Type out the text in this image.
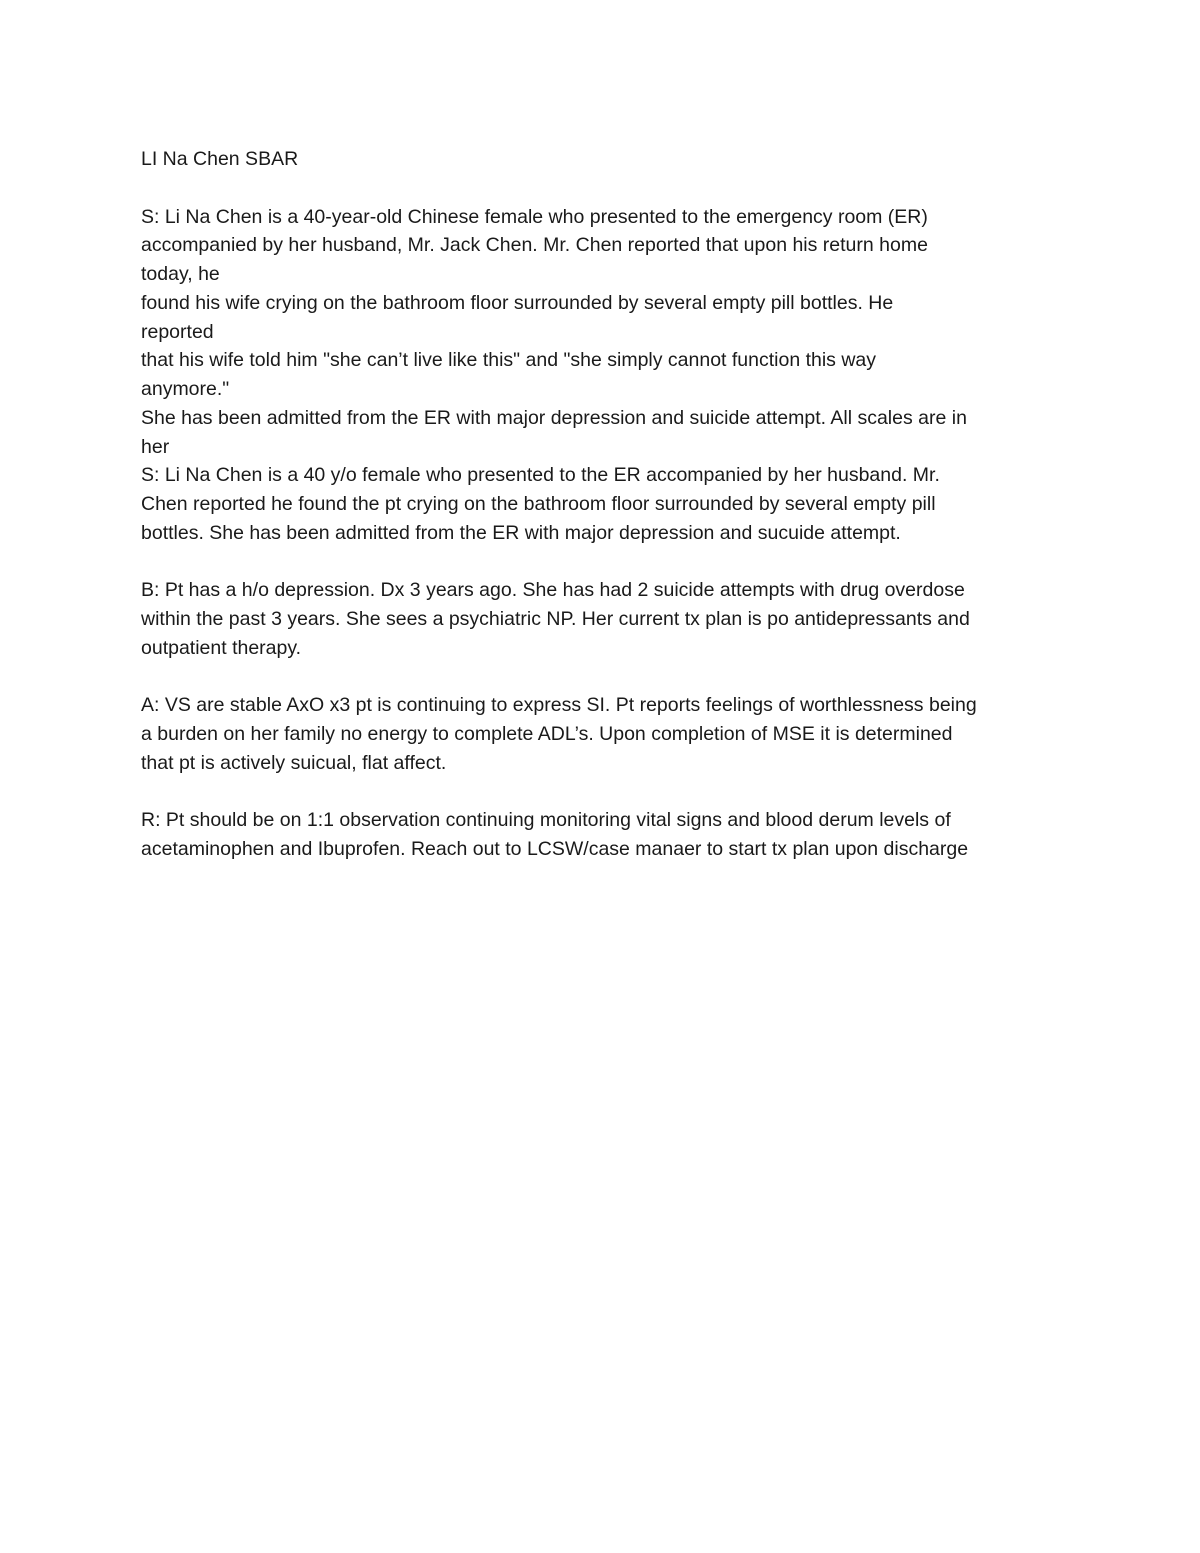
LI Na Chen SBAR
S: Li Na Chen is a 40-year-old Chinese female who presented to the emergency room (ER)
accompanied by her husband, Mr. Jack Chen. Mr. Chen reported that upon his return home
today, he
found his wife crying on the bathroom floor surrounded by several empty pill bottles. He
reported
that his wife told him "she can’t live like this" and "she simply cannot function this way
anymore."
She has been admitted from the ER with major depression and suicide attempt. All scales are in
her
S: Li Na Chen is a 40 y/o female who presented to the ER accompanied by her husband. Mr.
Chen reported he found the pt crying on the bathroom floor surrounded by several empty pill
bottles. She has been admitted from the ER with major depression and sucuide attempt.
B: Pt has a h/o depression. Dx 3 years ago. She has had 2 suicide attempts with drug overdose
within the past 3 years. She sees a psychiatric NP. Her current tx plan is po antidepressants and
outpatient therapy.
A: VS are stable AxO x3 pt is continuing to express SI. Pt reports feelings of worthlessness being
a burden on her family no energy to complete ADL’s. Upon completion of MSE it is determined
that pt is actively suicual, flat affect.
R: Pt should be on 1:1 observation continuing monitoring vital signs and blood derum levels of
acetaminophen and Ibuprofen. Reach out to LCSW/case manaer to start tx plan upon discharge
